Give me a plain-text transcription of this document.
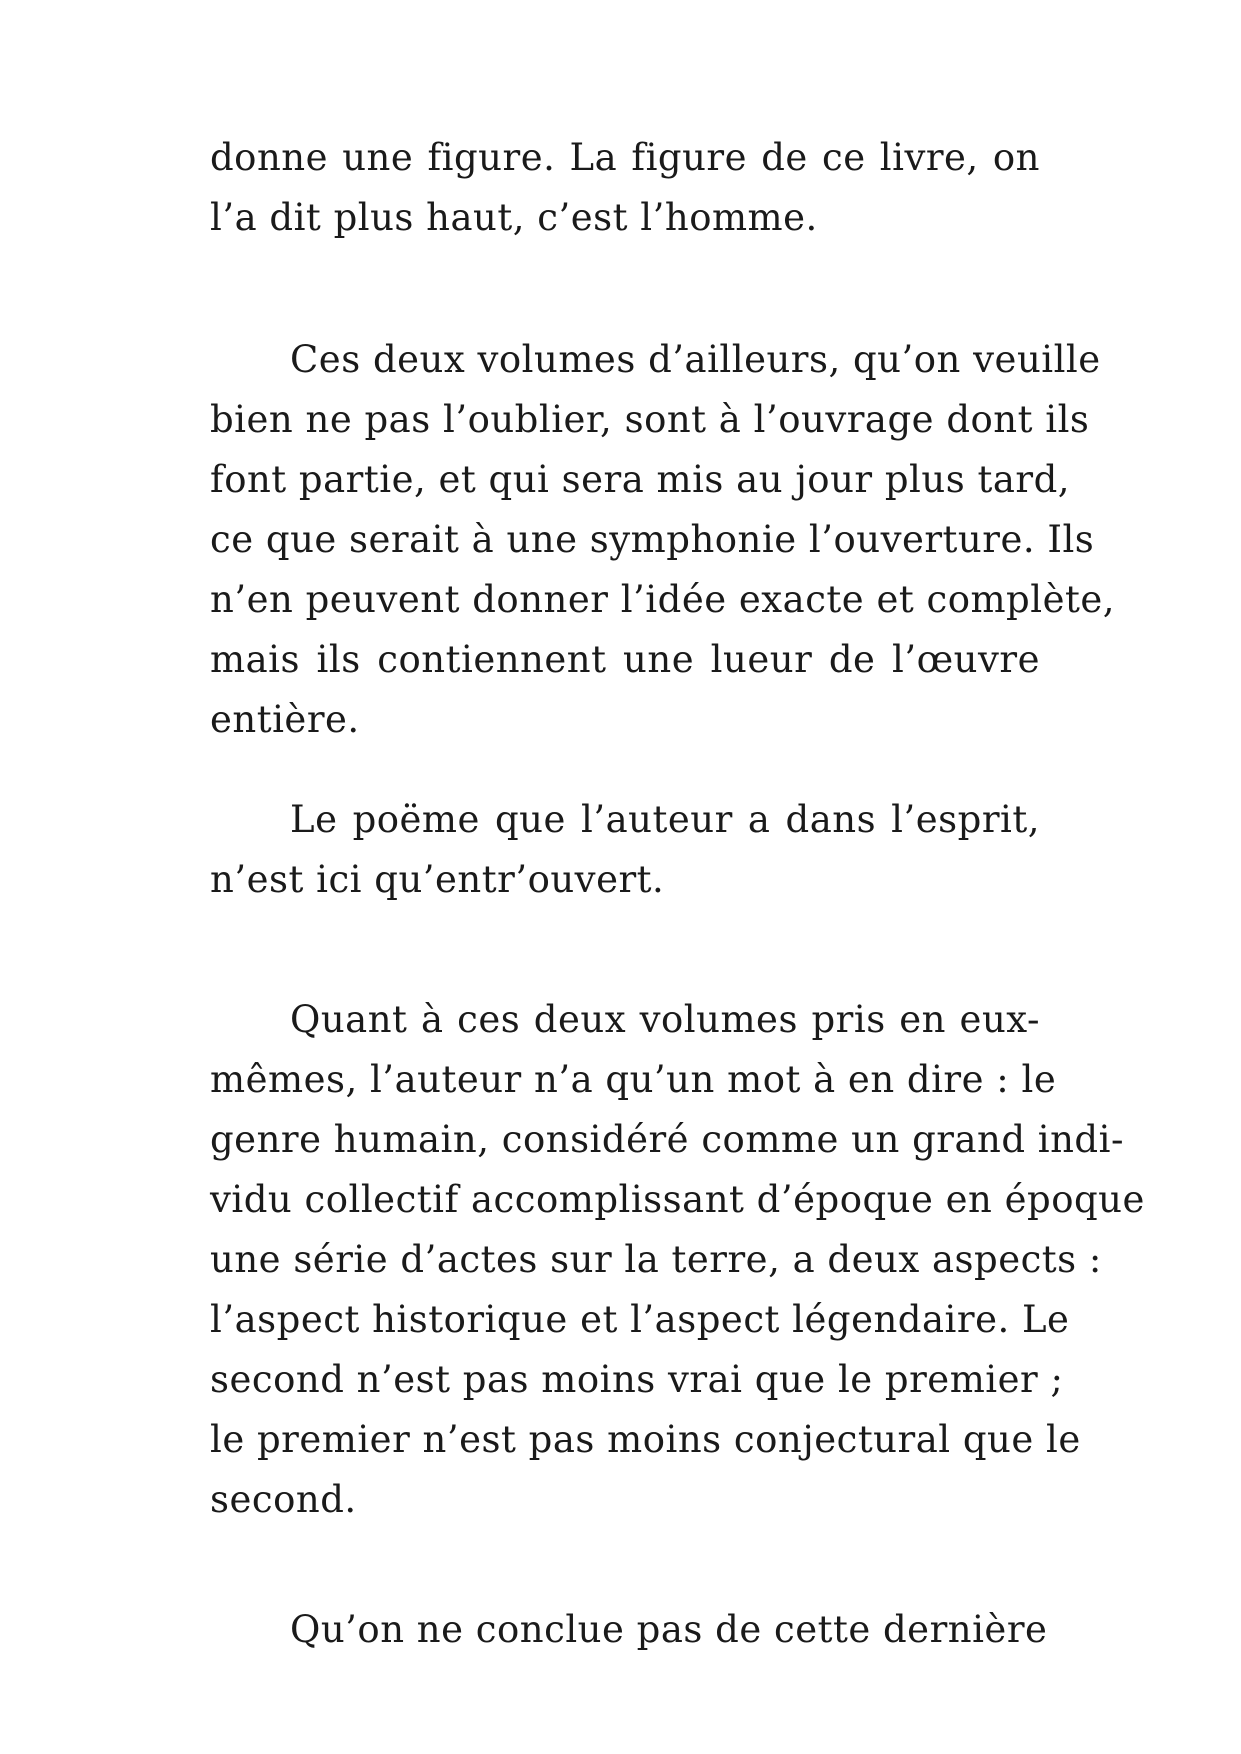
donne une figure. La figure de ce livre, on
l’a dit plus haut, c’est l’homme.
Ces deux volumes d’ailleurs, qu’on veuille
bien ne pas l’oublier, sont à l’ouvrage dont ils
font partie, et qui sera mis au jour plus tard,
ce que serait à une symphonie l’ouverture. Ils
n’en peuvent donner l’idée exacte et complète,
mais ils contiennent une lueur de l’œuvre
entière.
Le poëme que l’auteur a dans l’esprit,
n’est ici qu’entr’ouvert.
Quant à ces deux volumes pris en eux-
mêmes, l’auteur n’a qu’un mot à en dire : le
genre humain, considéré comme un grand indi-
vidu collectif accomplissant d’époque en époque
une série d’actes sur la terre, a deux aspects :
l’aspect historique et l’aspect légendaire. Le
second n’est pas moins vrai que le premier ;
le premier n’est pas moins conjectural que le
second.
Qu’on ne conclue pas de cette dernière
